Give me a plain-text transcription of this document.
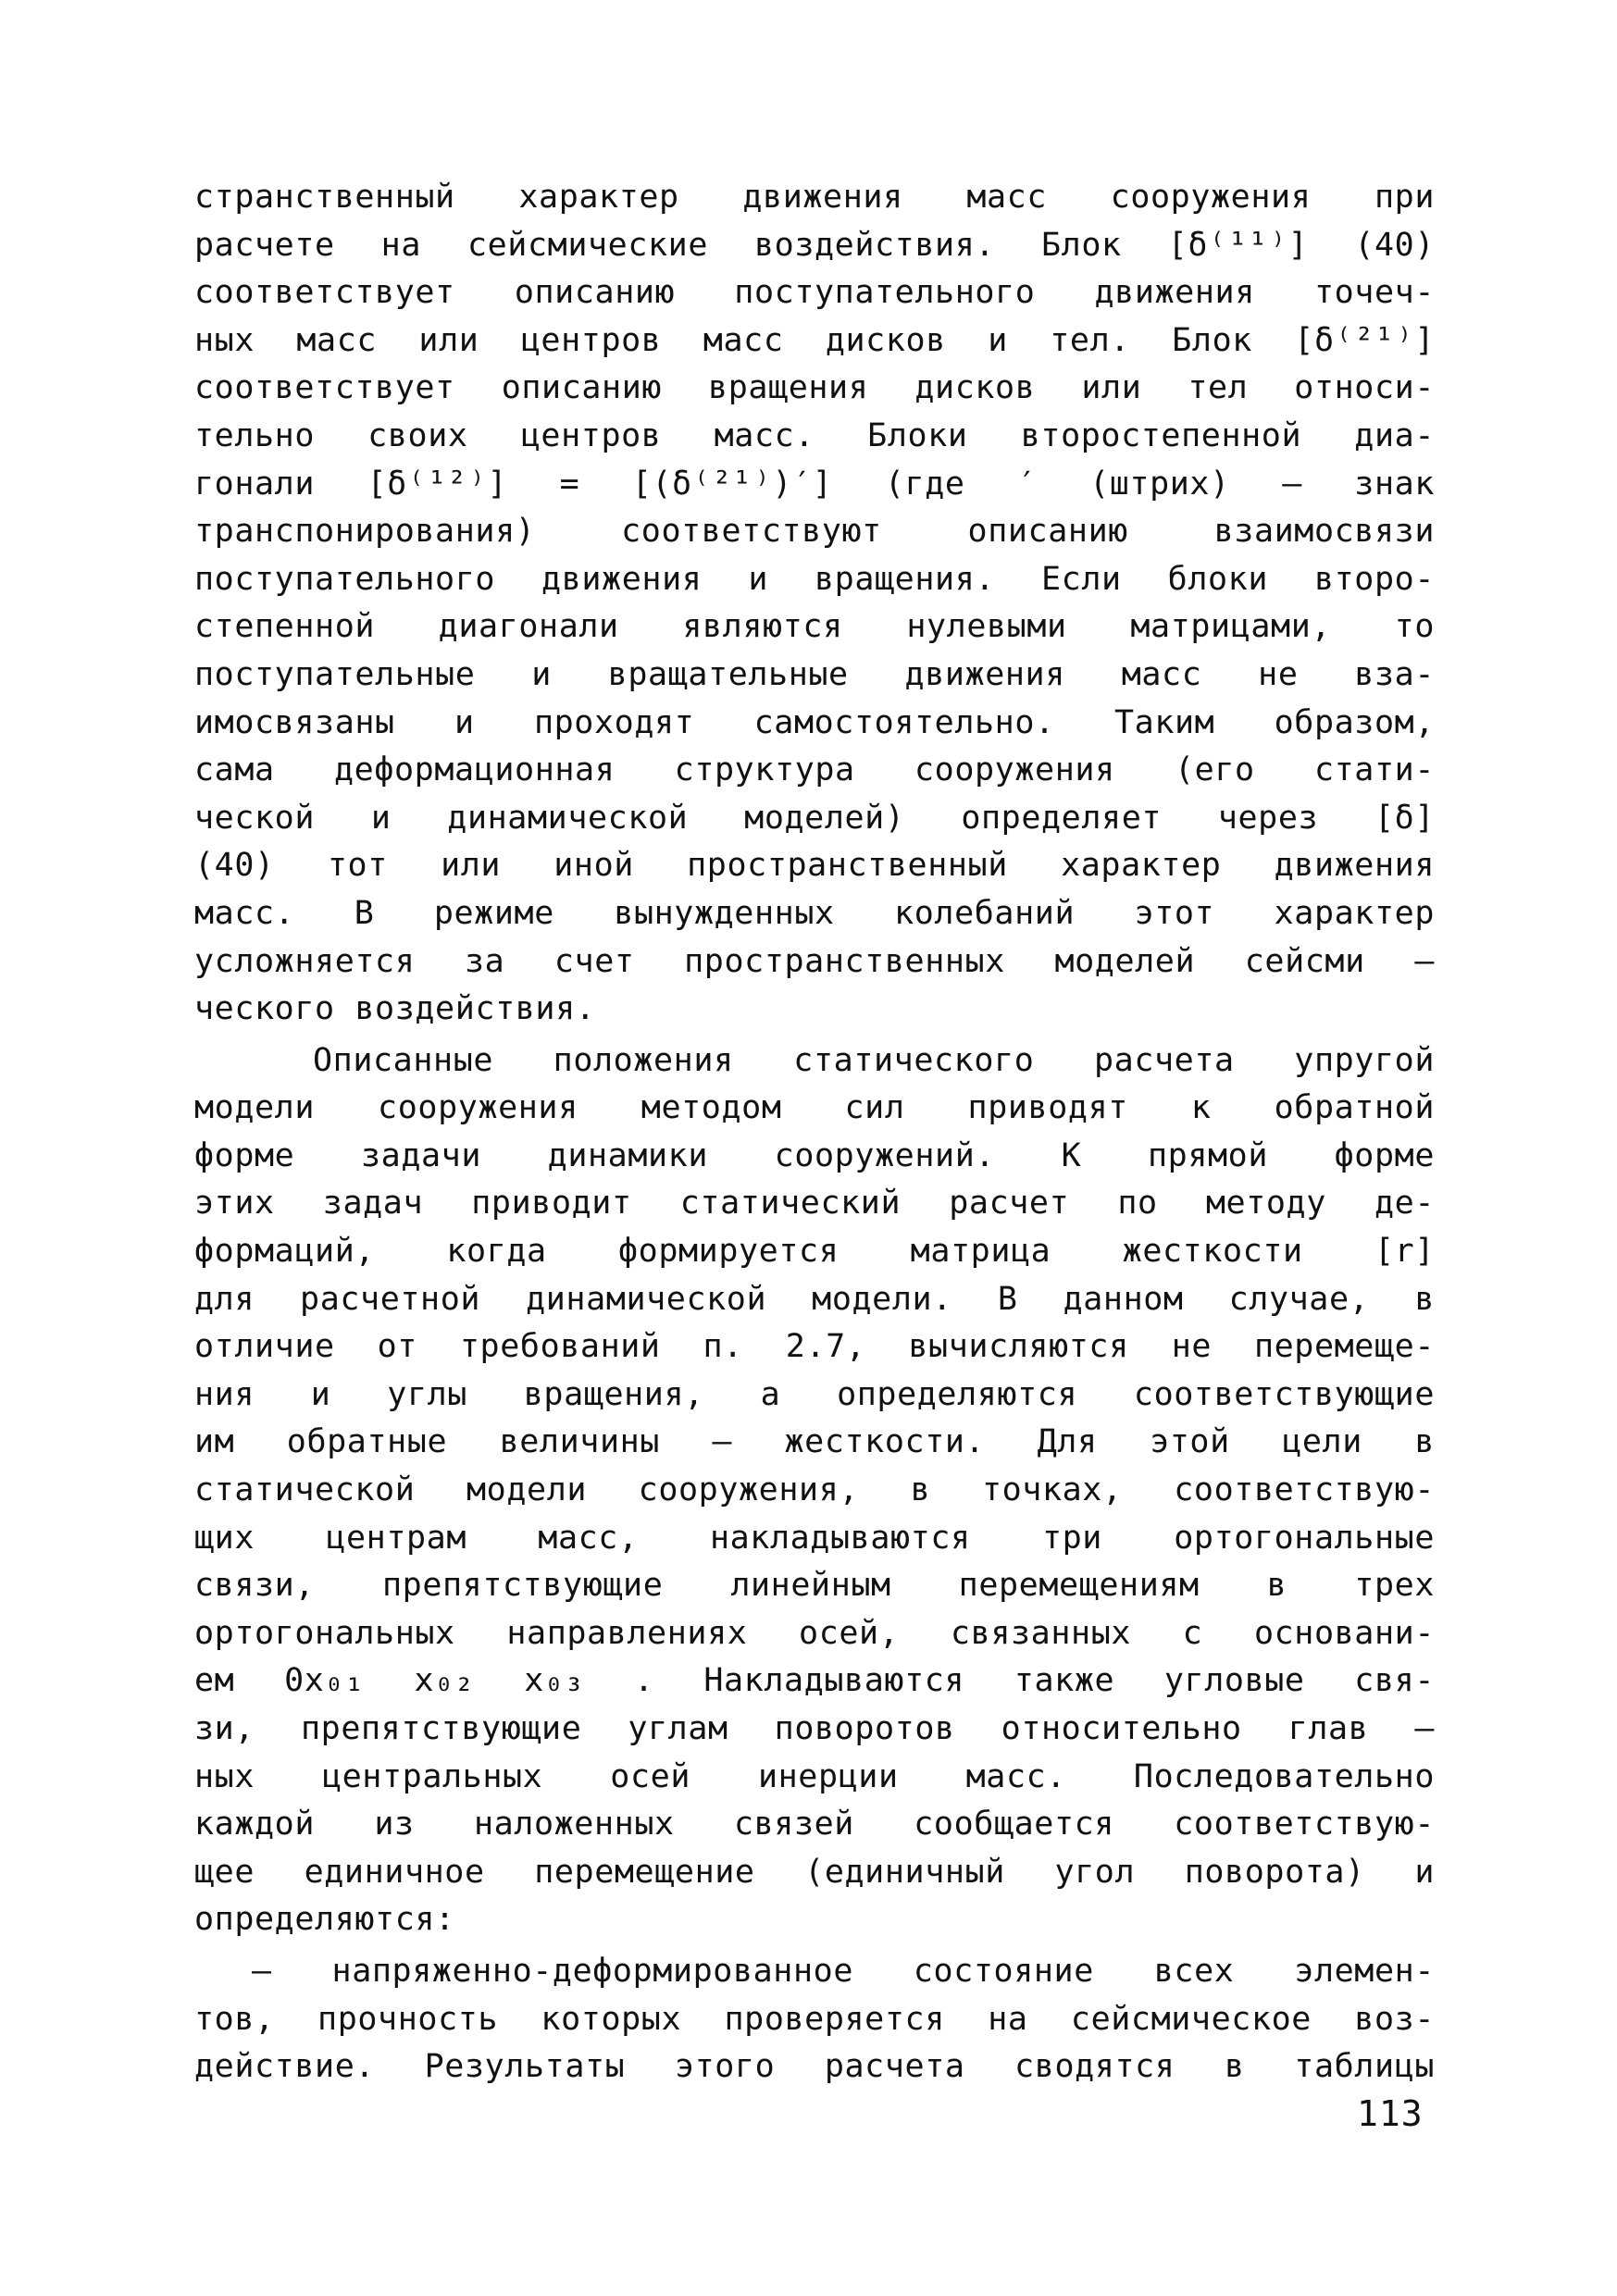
странственный характер движения масс сооружения при
расчете на сейсмические воздействия. Блок [δ⁽¹¹⁾] (40)
соответствует описанию поступательного движения точеч-
ных масс или центров масс дисков и тел. Блок [δ⁽²¹⁾]
соответствует описанию вращения дисков или тел относи-
тельно своих центров масс. Блоки второстепенной диа-
гонали [δ⁽¹²⁾] = [(δ⁽²¹⁾)′] (где ′ (штрих) – знак
транспонирования) соответствуют описанию взаимосвязи
поступательного движения и вращения. Если блоки второ-
степенной диагонали являются нулевыми матрицами, то
поступательные и вращательные движения масс не вза-
имосвязаны и проходят самостоятельно. Таким образом,
сама деформационная структура сооружения (его стати-
ческой и динамической моделей) определяет через [δ]
(40) тот или иной пространственный характер движения
масс. В режиме вынужденных колебаний этот характер
усложняется за счет пространственных моделей сейсми –
ческого воздействия.
Описанные положения статического расчета упругой
модели сооружения методом сил приводят к обратной
форме задачи динамики сооружений. К прямой форме
этих задач приводит статический расчет по методу де-
формаций, когда формируется матрица жесткости [r]
для расчетной динамической модели. В данном случае, в
отличие от требований п. 2.7, вычисляются не перемеще-
ния и углы вращения, а определяются соответствующие
им обратные величины – жесткости. Для этой цели в
статической модели сооружения, в точках, соответствую-
щих центрам масс, накладываются три ортогональные
связи, препятствующие линейным перемещениям в трех
ортогональных направлениях осей, связанных с основани-
ем 0x₀₁ x₀₂ x₀₃ . Накладываются также угловые свя-
зи, препятствующие углам поворотов относительно глав –
ных центральных осей инерции масс. Последовательно
каждой из наложенных связей сообщается соответствую-
щее единичное перемещение (единичный угол поворота) и
определяются:
– напряженно-деформированное состояние всех элемен-
тов, прочность которых проверяется на сейсмическое воз-
действие. Результаты этого расчета сводятся в таблицы
113
